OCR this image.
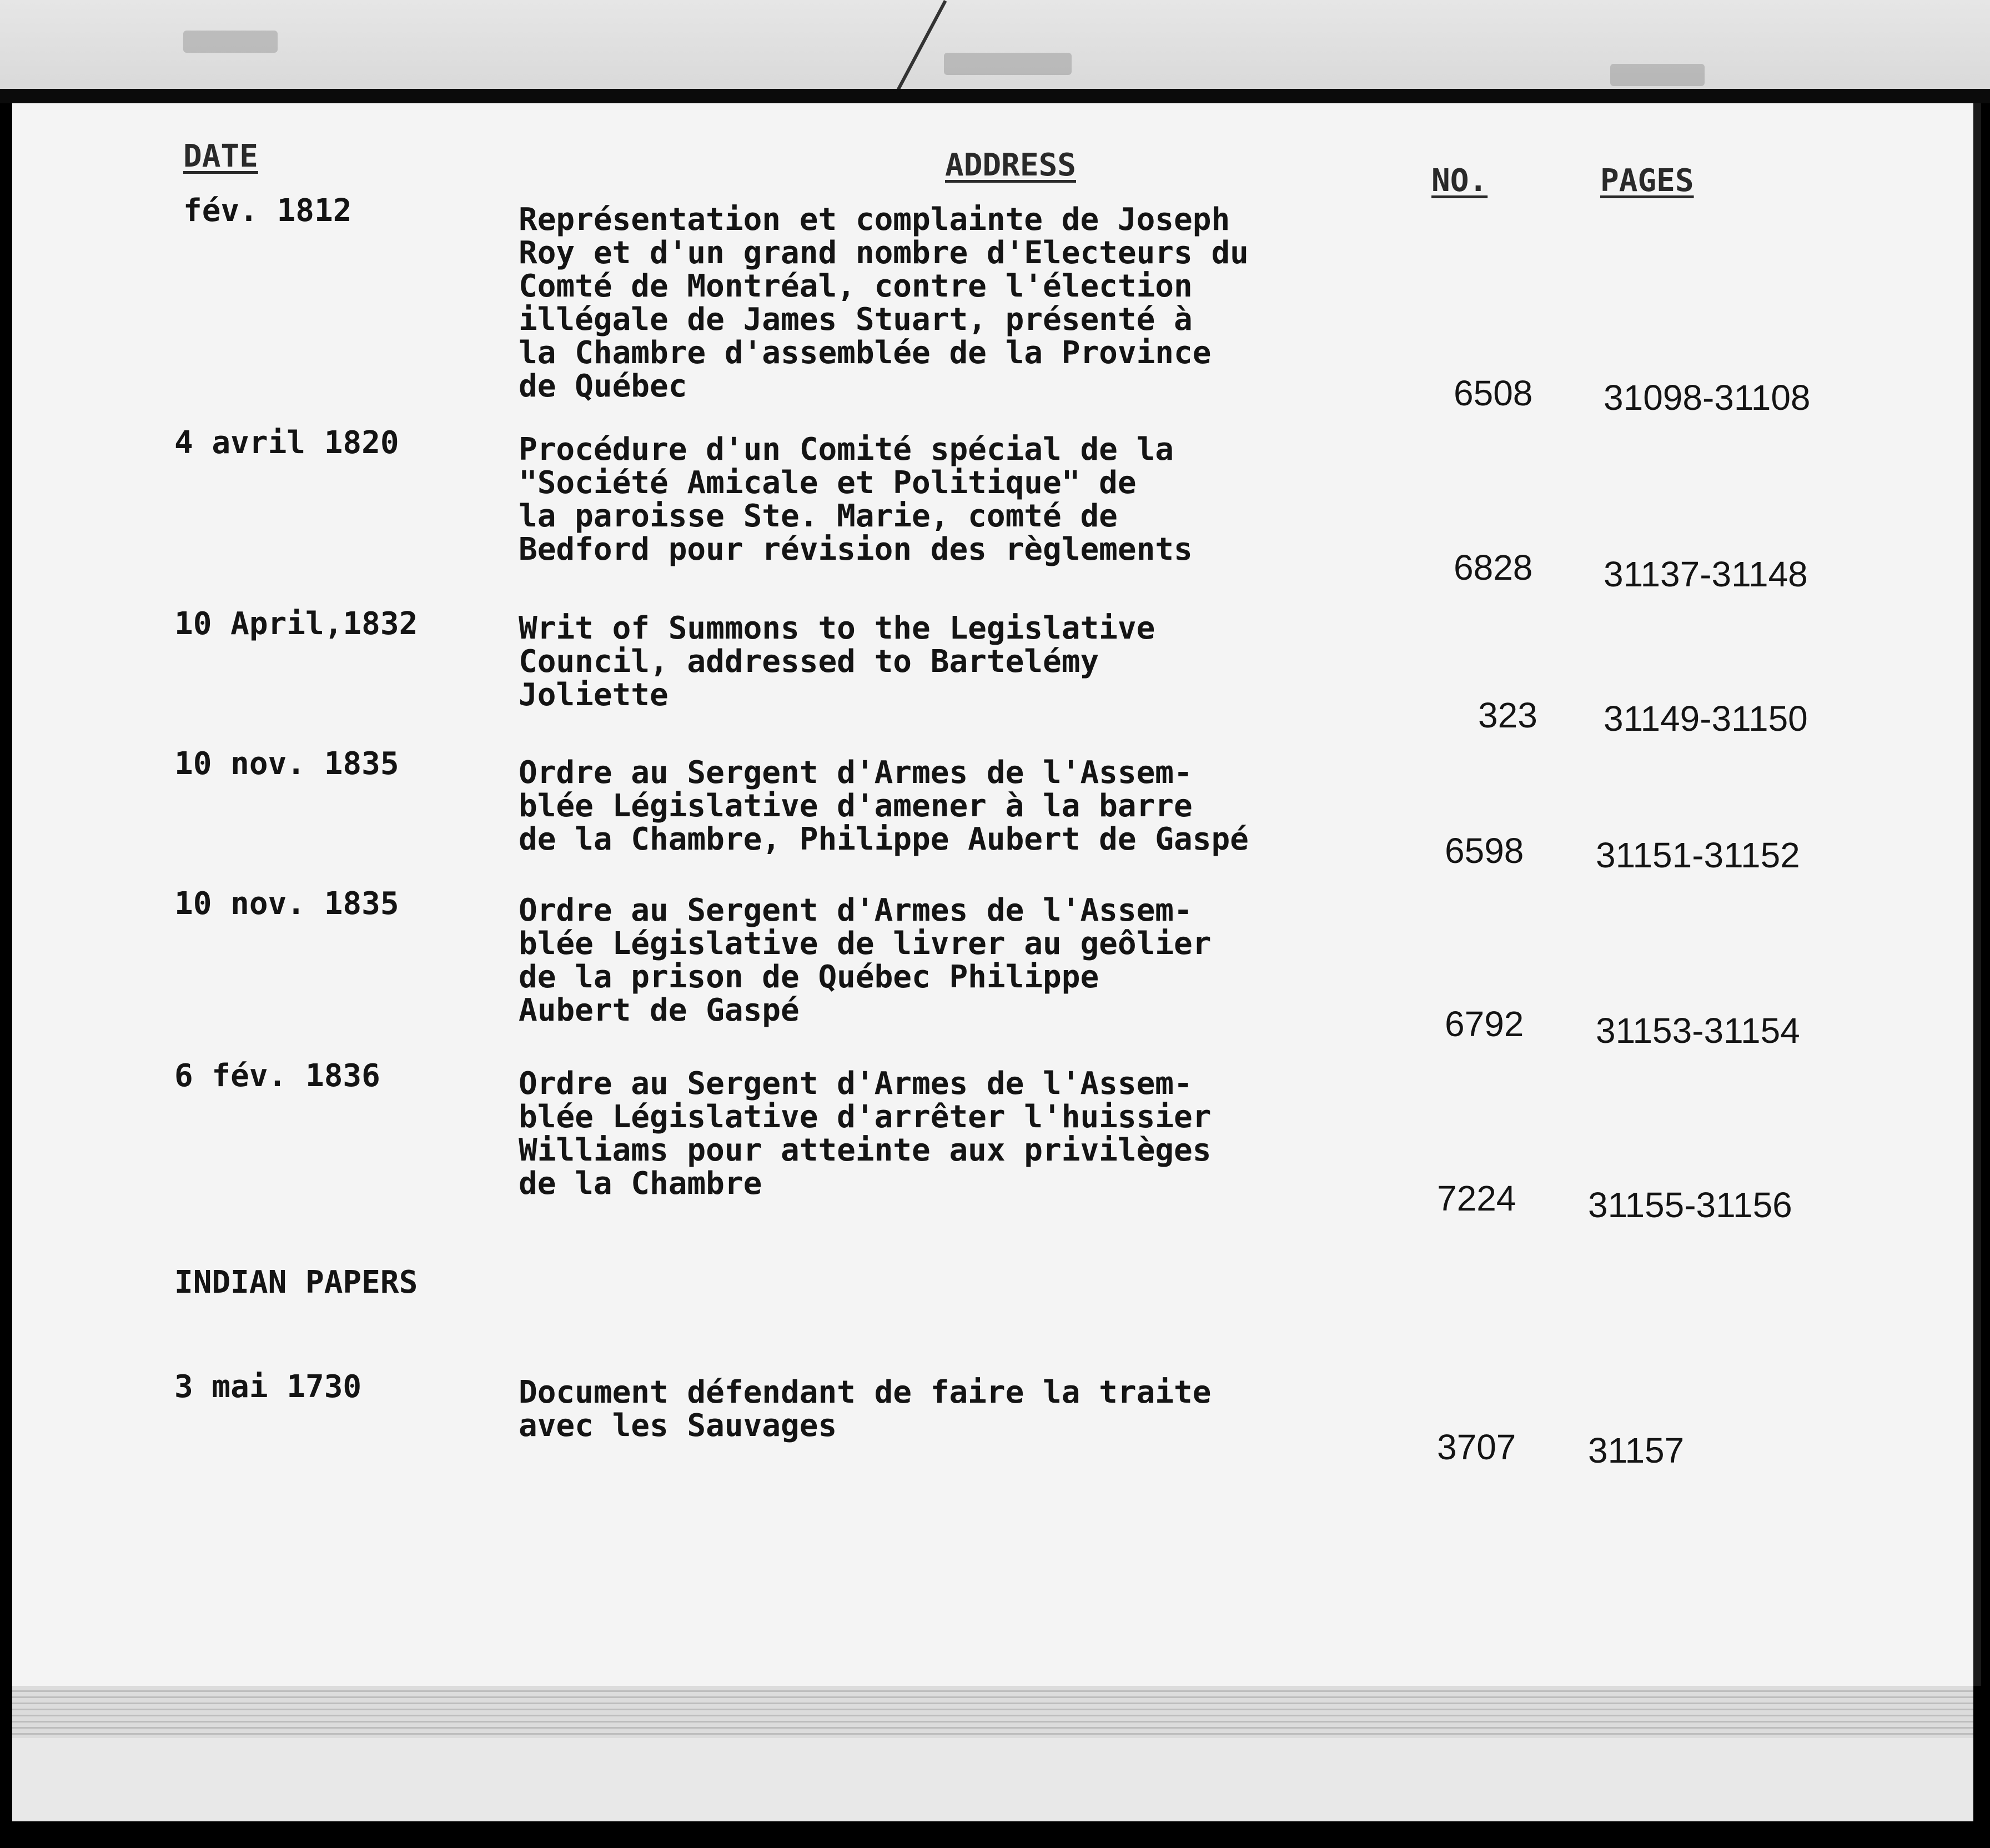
DATE	ADDRESS	NO.	PAGES
fév. 1812	Représentation et complainte de Joseph
Roy et d'un grand nombre d'Electeurs du
Comté de Montréal, contre l'élection
illégale de James Stuart, présenté à
la Chambre d'assemblée de la Province
de Québec	6508 31098-31108
4 avril 1820	Procédure d'un Comité spécial de la
"Société Amicale et Politique" de
la paroisse Ste. Marie, comté de
Bedford pour révision des règlements	6828 31137-31148
10 April,1832	Writ of Summons to the Legislative
Council, addressed to Bartelémy
Joliette
323 31149-31150
10 nov. 1835	Ordre au Sergent d'Armes de l'Assem-
blée Législative d'amener à la barre
de la Chambre, Philippe Aubert de Gaspé	6598 31151-31152
10 nov. 1835	Ordre au Sergent d'Armes de l'Assem-
blée Législative de livrer au geôlier
de la prison de Québec Philippe
Aubert de Gaspé	6792 31153-31154
6 fév. 1836	Ordre au Sergent d'Armes de l'Assem-
blée Législative d'arrêter l'huissier
Williams pour atteinte aux privilèges
de la Chambre	7224 31155-31156
INDIAN PAPERS
3 mai 1730	Document défendant de faire la traite
avec les Sauvages
3707 31157
